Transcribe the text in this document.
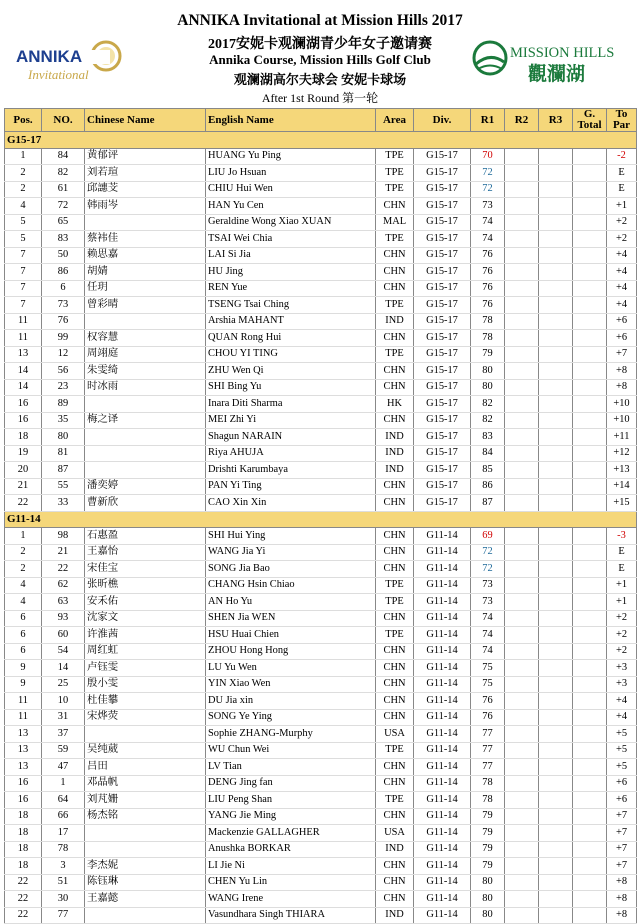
ANNIKA
Invitational
ANNIKA Invitational at Mission Hills 2017
2017安妮卡观澜湖青少年女子邀请赛
Annika Course, Mission Hills Golf Club
观澜湖高尔夫球会 安妮卡球场
After 1st Round 第一轮
MISSION HILLS
觀瀾湖
Pos.	NO.	Chinese Name	English Name	Area	Div.	R1	R2	R3	G. Total	To Par
G15-17										
1	84	黄郁评	HUANG Yu Ping	TPE	G15-17	70				-2
2	82	刘若瑄	LIU Jo Hsuan	TPE	G15-17	72				E
2	61	邱譓芠	CHIU Hui Wen	TPE	G15-17	72				E
4	72	韩雨岑	HAN Yu Cen	CHN	G15-17	73				+1
5	65		Geraldine Wong Xiao XUAN	MAL	G15-17	74				+2
5	83	蔡袆佳	TSAI Wei Chia	TPE	G15-17	74				+2
7	50	赖思嘉	LAI Si Jia	CHN	G15-17	76				+4
7	86	胡婧	HU Jing	CHN	G15-17	76				+4
7	6	任玥	REN Yue	CHN	G15-17	76				+4
7	73	曾彩晴	TSENG Tsai Ching	TPE	G15-17	76				+4
11	76		Arshia MAHANT	IND	G15-17	78				+6
11	99	权容慧	QUAN Rong Hui	CHN	G15-17	78				+6
13	12	周翊庭	CHOU YI TING	TPE	G15-17	79				+7
14	56	朱雯绮	ZHU Wen Qi	CHN	G15-17	80				+8
14	23	时冰雨	SHI Bing Yu	CHN	G15-17	80				+8
16	89		Inara Diti Sharma	HK	G15-17	82				+10
16	35	梅之译	MEI Zhi Yi	CHN	G15-17	82				+10
18	80		Shagun NARAIN	IND	G15-17	83				+11
19	81		Riya AHUJA	IND	G15-17	84				+12
20	87		Drishti Karumbaya	IND	G15-17	85				+13
21	55	潘奕婷	PAN Yi Ting	CHN	G15-17	86				+14
22	33	曹新欣	CAO Xin Xin	CHN	G15-17	87				+15
G11-14										
1	98	石惠盈	SHI Hui Ying	CHN	G11-14	69				-3
2	21	王嘉怡	WANG Jia Yi	CHN	G11-14	72				E
2	22	宋佳宝	SONG Jia Bao	CHN	G11-14	72				E
4	62	张昕樵	CHANG Hsin Chiao	TPE	G11-14	73				+1
4	63	安禾佑	AN Ho Yu	TPE	G11-14	73				+1
6	93	沈家文	SHEN Jia WEN	CHN	G11-14	74				+2
6	60	许淮茜	HSU Huai Chien	TPE	G11-14	74				+2
6	54	周红虹	ZHOU Hong Hong	CHN	G11-14	74				+2
9	14	卢钰雯	LU Yu Wen	CHN	G11-14	75				+3
9	25	殷小雯	YIN Xiao Wen	CHN	G11-14	75				+3
11	10	杜佳攀	DU Jia xin	CHN	G11-14	76				+4
11	31	宋烨荧	SONG Ye Ying	CHN	G11-14	76				+4
13	37		Sophie ZHANG-Murphy	USA	G11-14	77				+5
13	59	吴纯葳	WU Chun Wei	TPE	G11-14	77				+5
13	47	吕田	LV Tian	CHN	G11-14	77				+5
16	1	邓晶帆	DENG Jing fan	CHN	G11-14	78				+6
16	64	刘芃姗	LIU Peng Shan	TPE	G11-14	78				+6
18	66	杨杰铭	YANG Jie Ming	CHN	G11-14	79				+7
18	17		Mackenzie GALLAGHER	USA	G11-14	79				+7
18	78		Anushka BORKAR	IND	G11-14	79				+7
18	3	李杰妮	LI Jie Ni	CHN	G11-14	79				+7
22	51	陈钰琳	CHEN Yu Lin	CHN	G11-14	80				+8
22	30	王嘉懿	WANG Irene	CHN	G11-14	80				+8
22	77		Vasundhara Singh THIARA	IND	G11-14	80				+8
